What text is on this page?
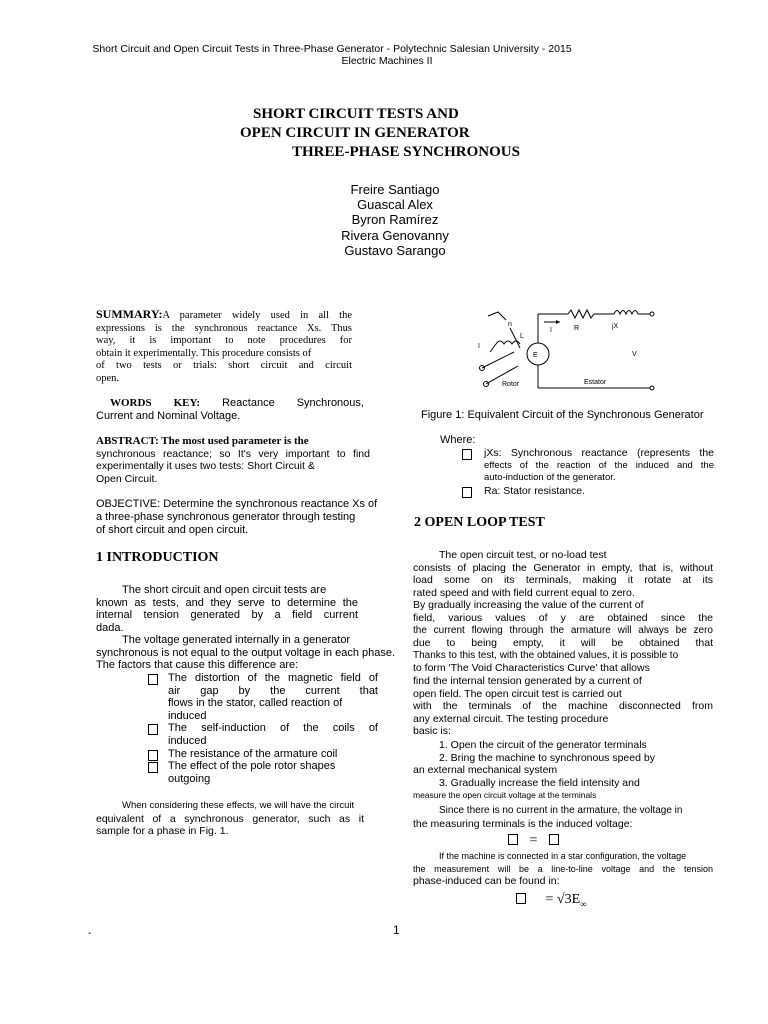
Short Circuit and Open Circuit Tests in Three-Phase Generator - Polytechnic Salesian University - 2015
Electric Machines II
SHORT CIRCUIT TESTS AND
OPEN CIRCUIT IN GENERATOR
THREE-PHASE SYNCHRONOUS
Freire Santiago
Guascal Alex
Byron Ramírez
Rivera Genovanny
Gustavo Sarango
SUMMARY:A parameter widely used in all the
expressions is the synchronous reactance Xs. Thus
way, it is important to note procedures for
obtain it experimentally. This procedure consists of
of two tests or trials: short circuit and circuit
open.
WORDS KEY: Reactance Synchronous,
Current and Nominal Voltage.
ABSTRACT: The most used parameter is the
synchronous reactance; so It's very important to find
experimentally it uses two tests: Short Circuit &
Open Circuit.
OBJECTIVE: Determine the synchronous reactance Xs of
a three-phase synchronous generator through testing
of short circuit and open circuit.
1 INTRODUCTION
The short circuit and open circuit tests are
known as tests, and they serve to determine the
internal tension generated by a field current
dada.
The voltage generated internally in a generator
synchronous is not equal to the output voltage in each phase.
The factors that cause this difference are:
The distortion of the magnetic field of
air gap by the current that
flows in the stator, called reaction of
induced
The self-induction of the coils of
induced
The resistance of the armature coil
The effect of the pole rotor shapes
outgoing
When considering these effects, we will have the circuit
equivalent of a synchronous generator, such as it
sample for a phase in Fig. 1.
n
I
L
E
I	R	jX
V
Rotor	Estator
Figure 1: Equivalent Circuit of the Synchronous Generator
Where:
jXs: Synchronous reactance (represents the
effects of the reaction of the induced and the
auto-induction of the generator.
Ra: Stator resistance.
2 OPEN LOOP TEST
The open circuit test, or no-load test
consists of placing the Generator in empty, that is, without
load some on its terminals, making it rotate at its
rated speed and with field current equal to zero.
By gradually increasing the value of the current of
field, various values of y are obtained since the
the current flowing through the armature will always be zero
due to being empty, it will be obtained that
Thanks to this test, with the obtained values, it is possible to
to form 'The Void Characteristics Curve' that allows
find the internal tension generated by a current of
open field. The open circuit test is carried out
with the terminals of the machine disconnected from
any external circuit. The testing procedure
basic is:
1. Open the circuit of the generator terminals
2. Bring the machine to synchronous speed by
an external mechanical system
3. Gradually increase the field intensity and
measure the open circuit voltage at the terminals
Since there is no current in the armature, the voltage in
the measuring terminals is the induced voltage:
=
If the machine is connected in a star configuration, the voltage
the measurement will be a line-to-line voltage and the tension
phase-induced can be found in:
= $√3E_\infty$
1
-
